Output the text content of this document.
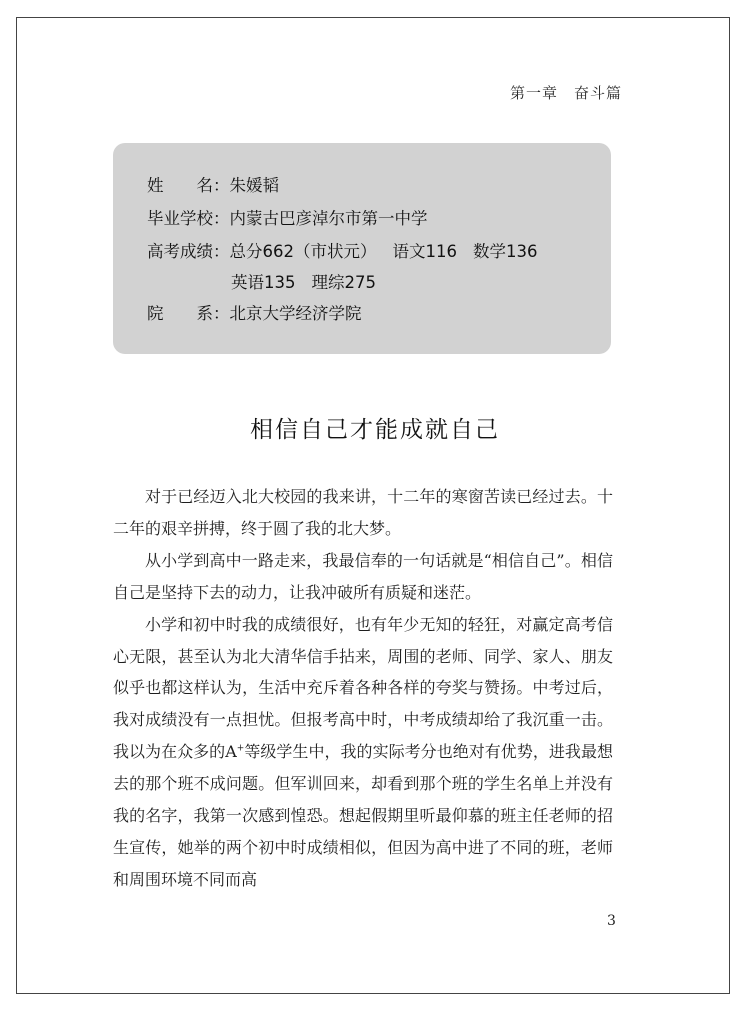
第一章　奋斗篇
姓　　名：朱媛韬
毕业学校：内蒙古巴彦淖尔市第一中学
高考成绩：总分662（市状元） 语文116 数学136
英语135 理综275
院　　系：北京大学经济学院
相信自己才能成就自己

对于已经迈入北大校园的我来讲，十二年的寒窗苦读已经过去。十二年的艰辛拼搏，终于圆了我的北大梦。

从小学到高中一路走来，我最信奉的一句话就是“相信自己”。相信自己是坚持下去的动力，让我冲破所有质疑和迷茫。

小学和初中时我的成绩很好，也有年少无知的轻狂，对赢定高考信心无限，甚至认为北大清华信手拈来，周围的老师、同学、家人、朋友似乎也都这样认为，生活中充斥着各种各样的夸奖与赞扬。中考过后，我对成绩没有一点担忧。但报考高中时，中考成绩却给了我沉重一击。我以为在众多的A+等级学生中，我的实际考分也绝对有优势，进我最想去的那个班不成问题。但军训回来，却看到那个班的学生名单上并没有我的名字，我第一次感到惶恐。想起假期里听最仰慕的班主任老师的招生宣传，她举的两个初中时成绩相似，但因为高中进了不同的班，老师和周围环境不同而高

3
